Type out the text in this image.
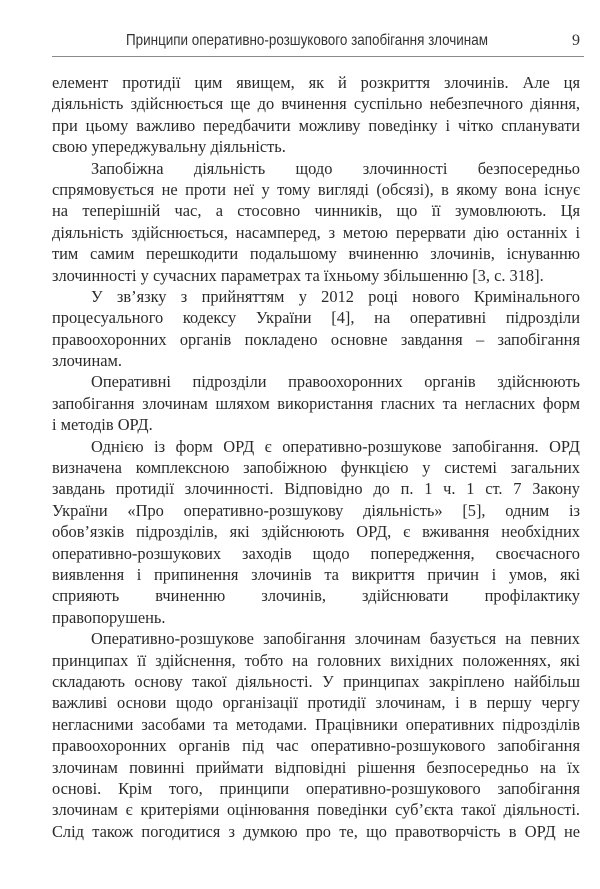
Принципи оперативно-розшукового запобігання злочинам	9
елемент протидії цим явищем, як й розкриття злочинів. Але ця
діяльність здійснюється ще до вчинення суспільно небезпечного діяння,
при цьому важливо передбачити можливу поведінку і чітко спланувати
свою упереджувальну діяльність.
Запобіжна діяльність щодо злочинності безпосередньо
спрямовується не проти неї у тому вигляді (обсязі), в якому вона існує
на теперішній час, а стосовно чинників, що її зумовлюють. Ця
діяльність здійснюється, насамперед, з метою перервати дію останніх і
тим самим перешкодити подальшому вчиненню злочинів, існуванню
злочинності у сучасних параметрах та їхньому збільшенню [3, с. 318].
У зв’язку з прийняттям у 2012 році нового Кримінального
процесуального кодексу України [4], на оперативні підрозділи
правоохоронних органів покладено основне завдання – запобігання
злочинам.
Оперативні підрозділи правоохоронних органів здійснюють
запобігання злочинам шляхом використання гласних та негласних форм
і методів ОРД.
Однією із форм ОРД є оперативно-розшукове запобігання. ОРД
визначена комплексною запобіжною функцією у системі загальних
завдань протидії злочинності. Відповідно до п. 1 ч. 1 ст. 7 Закону
України «Про оперативно-розшукову діяльність» [5], одним із
обов’язків підрозділів, які здійснюють ОРД, є вживання необхідних
оперативно-розшукових заходів щодо попередження, своєчасного
виявлення і припинення злочинів та викриття причин і умов, які
сприяють вчиненню злочинів, здійснювати профілактику
правопорушень.
Оперативно-розшукове запобігання злочинам базується на певних
принципах її здійснення, тобто на головних вихідних положеннях, які
складають основу такої діяльності. У принципах закріплено найбільш
важливі основи щодо організації протидії злочинам, і в першу чергу
негласними засобами та методами. Працівники оперативних підрозділів
правоохоронних органів під час оперативно-розшукового запобігання
злочинам повинні приймати відповідні рішення безпосередньо на їх
основі. Крім того, принципи оперативно-розшукового запобігання
злочинам є критеріями оцінювання поведінки суб’єкта такої діяльності.
Слід також погодитися з думкою про те, що правотворчість в ОРД не
